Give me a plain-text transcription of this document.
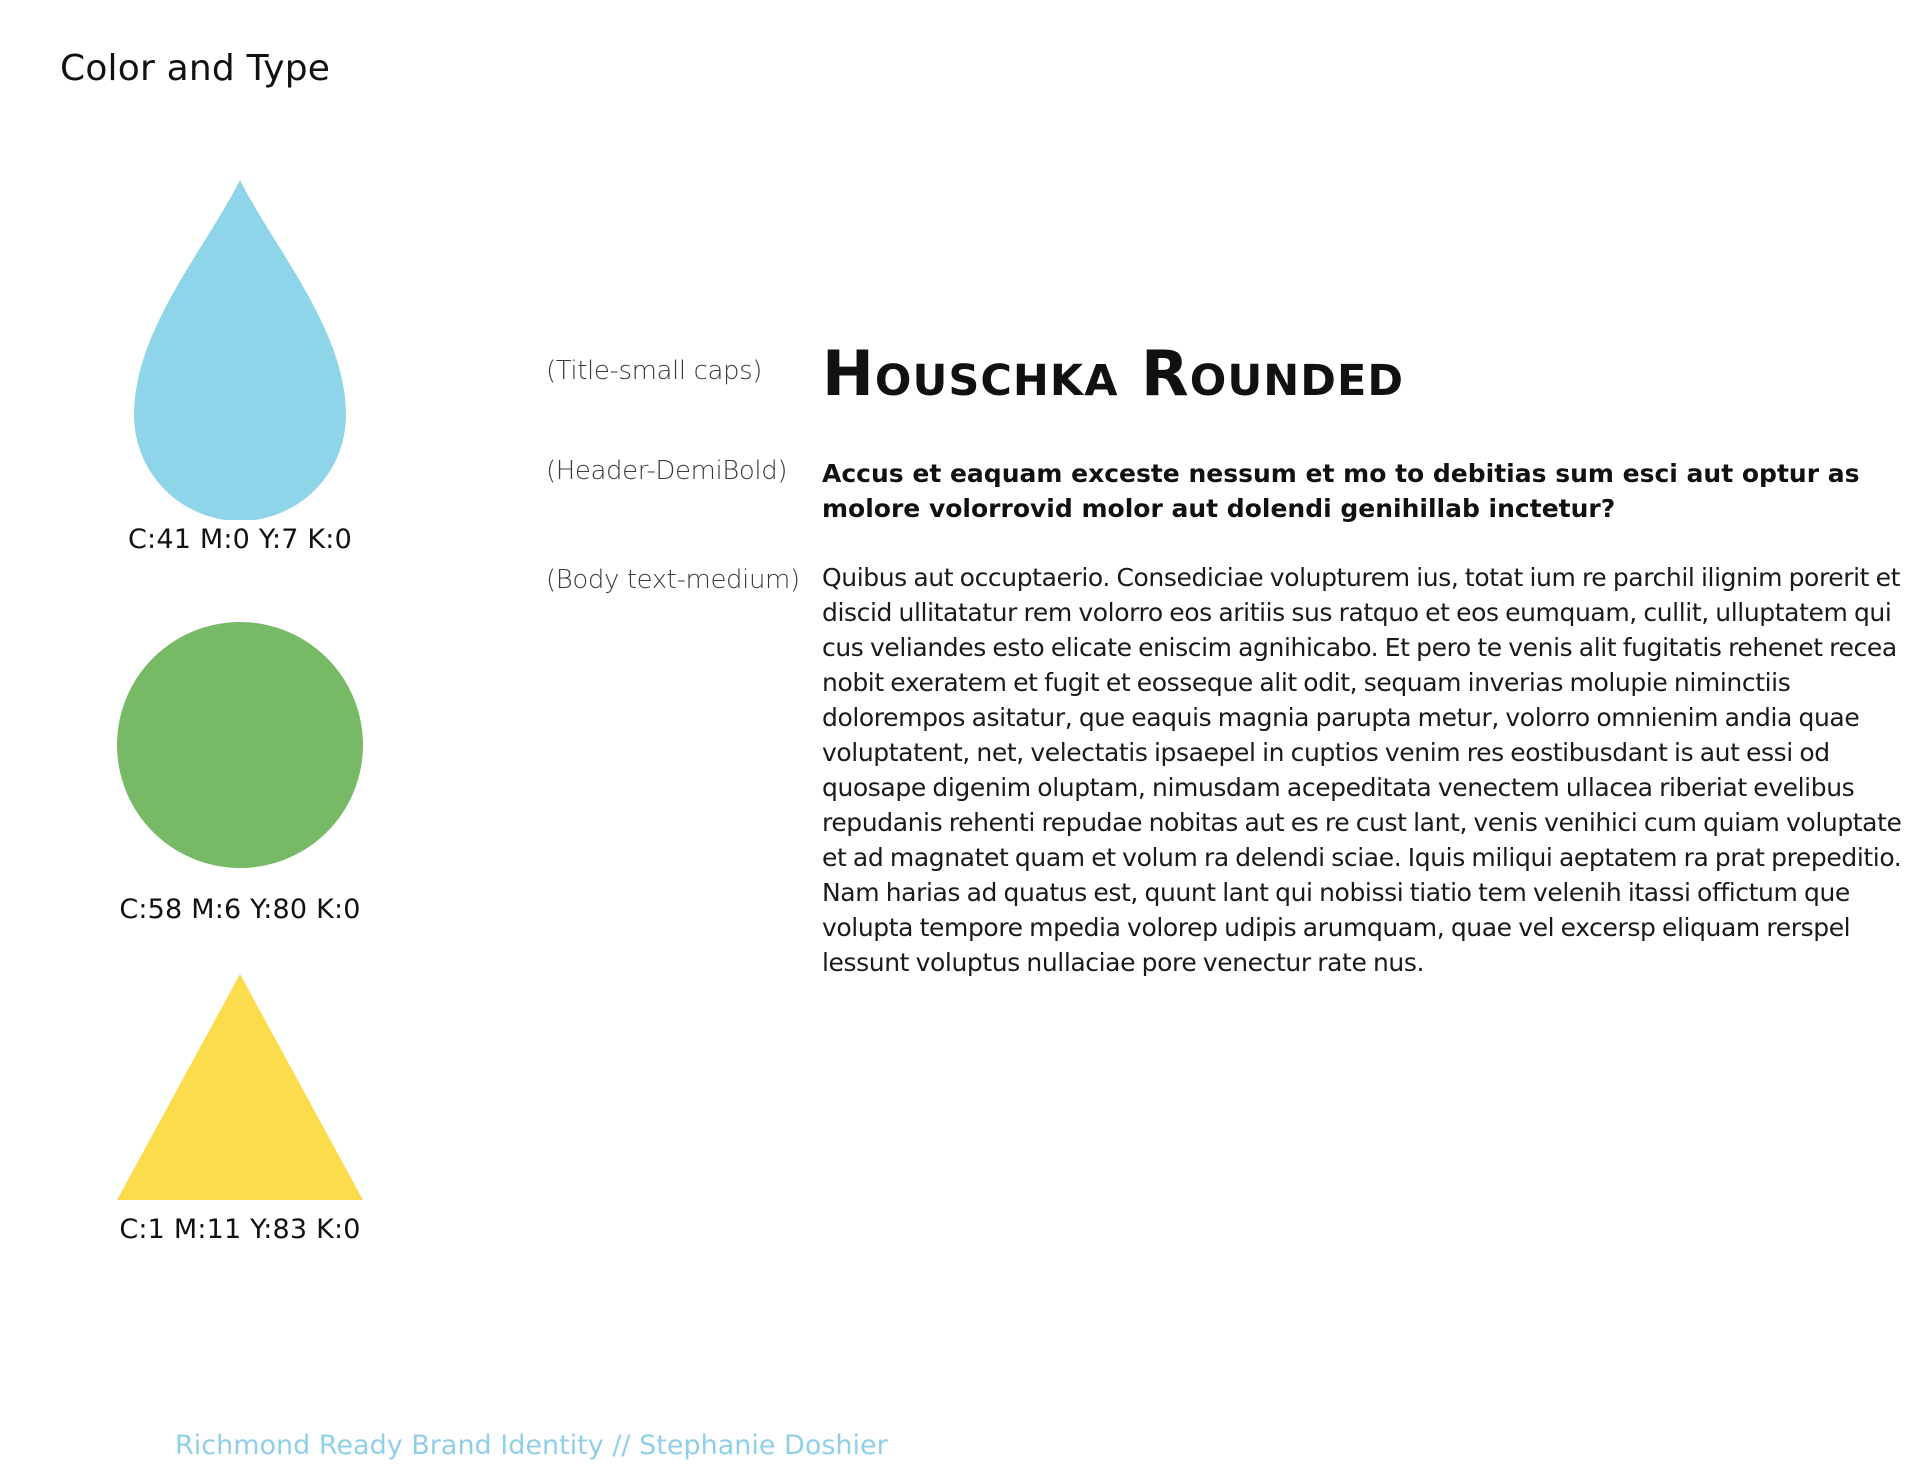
Color and Type
C:41 M:0 Y:7 K:0
C:58 M:6 Y:80 K:0
C:1 M:11 Y:83 K:0
(Title-small caps)
(Header-DemiBold)
(Body text-medium)
Houschka Rounded

Accus et eaquam exceste nessum et mo to debitias sum esci aut optur as molore volorrovid molor aut dolendi genihillab inctetur?

Quibus aut occuptaerio. Consediciae volupturem ius, totat ium re parchil ilignim porerit et discid ullitatatur rem volorro eos aritiis sus ratquo et eos eumquam, cullit, ulluptatem qui cus veliandes esto elicate eniscim agnihicabo. Et pero te venis alit fugitatis rehenet recea nobit exeratem et fugit et eosseque alit odit, sequam inverias molupie niminctiis dolorempos asitatur, que eaquis magnia parupta metur, volorro omnienim andia quae voluptatent, net, velectatis ipsaepel in cuptios venim res eostibusdant is aut essi od quosape digenim oluptam, nimusdam acepeditata venectem ullacea riberiat evelibus repudanis rehenti repudae nobitas aut es re cust lant, venis venihici cum quiam voluptate et ad magnatet quam et volum ra delendi sciae. Iquis miliqui aeptatem ra prat prepeditio. Nam harias ad quatus est, quunt lant qui nobissi tiatio tem velenih itassi offictum que volupta tempore mpedia volorep udipis arumquam, quae vel excersp eliquam rerspel lessunt voluptus nullaciae pore venectur rate nus.

Richmond Ready Brand Identity // Stephanie Doshier
